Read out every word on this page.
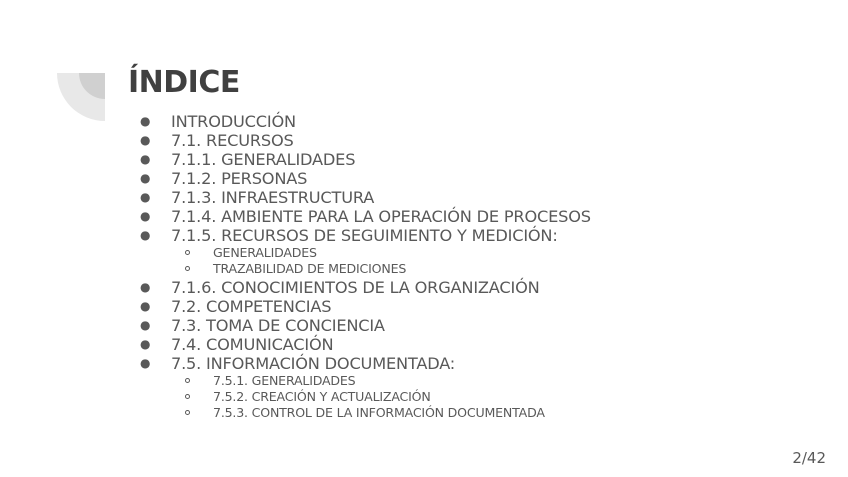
ÍNDICE
● INTRODUCCIÓN
● 7.1. RECURSOS
● 7.1.1. GENERALIDADES
● 7.1.2. PERSONAS
● 7.1.3. INFRAESTRUCTURA
● 7.1.4. AMBIENTE PARA LA OPERACIÓN DE PROCESOS
● 7.1.5. RECURSOS DE SEGUIMIENTO Y MEDICIÓN:
GENERALIDADES
TRAZABILIDAD DE MEDICIONES
● 7.1.6. CONOCIMIENTOS DE LA ORGANIZACIÓN
● 7.2. COMPETENCIAS
● 7.3. TOMA DE CONCIENCIA
● 7.4. COMUNICACIÓN
● 7.5. INFORMACIÓN DOCUMENTADA:
7.5.1. GENERALIDADES
7.5.2. CREACIÓN Y ACTUALIZACIÓN
7.5.3. CONTROL DE LA INFORMACIÓN DOCUMENTADA
2/42
